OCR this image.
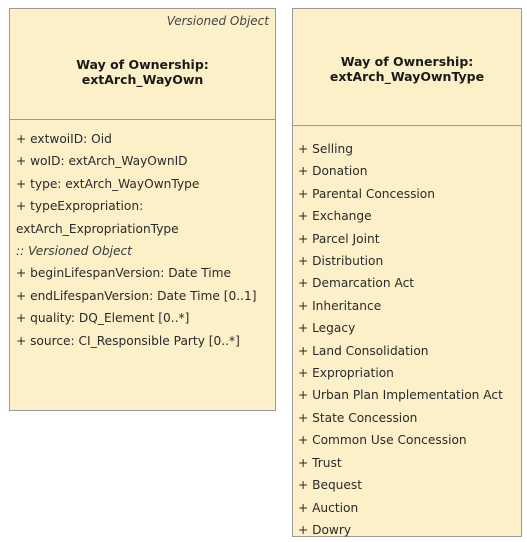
Versioned Object
Way of Ownership:
extArch_WayOwn
+ extwoiID: Oid
+ woID: extArch_WayOwnID
+ type: extArch_WayOwnType
+ typeExpropriation:
extArch_ExpropriationType
:: Versioned Object
+ beginLifespanVersion: Date Time
+ endLifespanVersion: Date Time [0..1]
+ quality: DQ_Element [0..*]
+ source: CI_Responsible Party [0..*]
Way of Ownership:
extArch_WayOwnType
+ Selling
+ Donation
+ Parental Concession
+ Exchange
+ Parcel Joint
+ Distribution
+ Demarcation Act
+ Inheritance
+ Legacy
+ Land Consolidation
+ Expropriation
+ Urban Plan Implementation Act
+ State Concession
+ Common Use Concession
+ Trust
+ Bequest
+ Auction
+ Dowry
